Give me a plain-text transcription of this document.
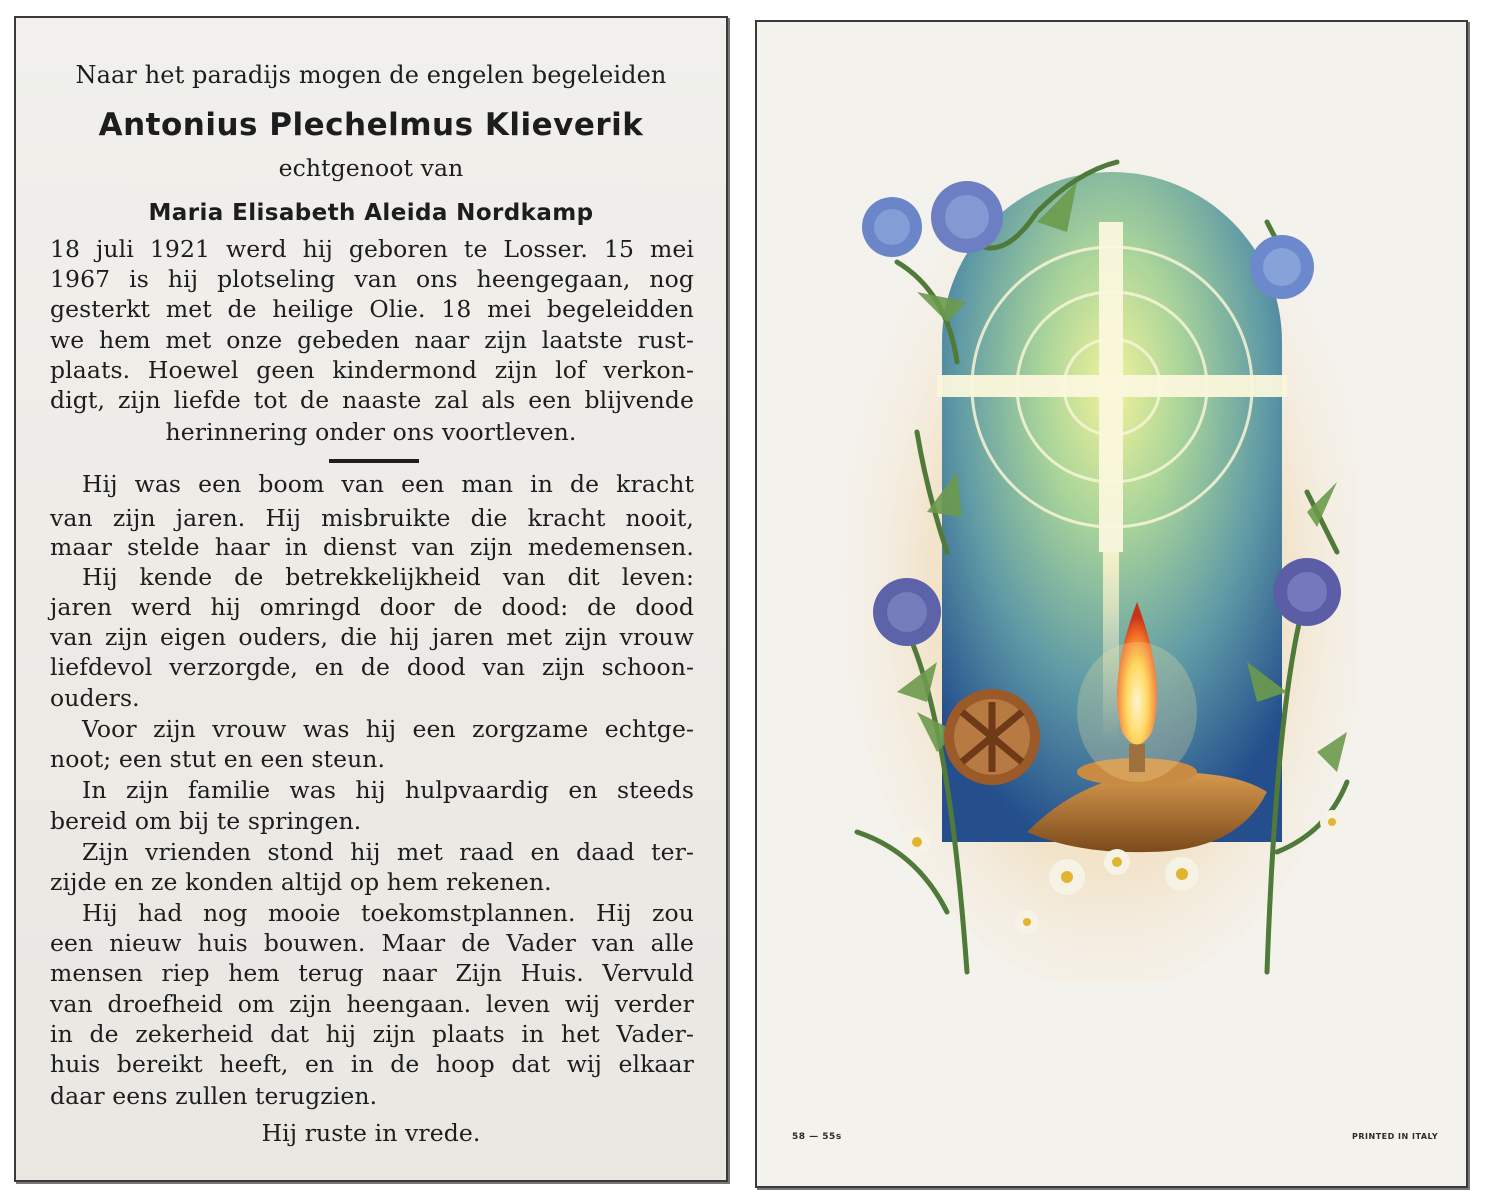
Naar het paradijs mogen de engelen begeleiden
Antonius Plechelmus Klieverik
echtgenoot van
Maria Elisabeth Aleida Nordkamp
18 juli 1921 werd hij geboren te Losser. 15 mei
1967 is hij plotseling van ons heengegaan, nog
gesterkt met de heilige Olie. 18 mei begeleidden
we hem met onze gebeden naar zijn laatste rust-
plaats. Hoewel geen kindermond zijn lof verkon-
digt, zijn liefde tot de naaste zal als een blijvende
herinnering onder ons voortleven.
Hij was een boom van een man in de kracht
van zijn jaren. Hij misbruikte die kracht nooit,
maar stelde haar in dienst van zijn medemensen.
Hij kende de betrekkelijkheid van dit leven:
jaren werd hij omringd door de dood: de dood
van zijn eigen ouders, die hij jaren met zijn vrouw
liefdevol verzorgde, en de dood van zijn schoon-
ouders.
Voor zijn vrouw was hij een zorgzame echtge-
noot; een stut en een steun.
In zijn familie was hij hulpvaardig en steeds
bereid om bij te springen.
Zijn vrienden stond hij met raad en daad ter-
zijde en ze konden altijd op hem rekenen.
Hij had nog mooie toekomstplannen. Hij zou
een nieuw huis bouwen. Maar de Vader van alle
mensen riep hem terug naar Zijn Huis. Vervuld
van droefheid om zijn heengaan. leven wij verder
in de zekerheid dat hij zijn plaats in het Vader-
huis bereikt heeft, en in de hoop dat wij elkaar
daar eens zullen terugzien.
Hij ruste in vrede.	58 — 55s	PRINTED IN ITALY
